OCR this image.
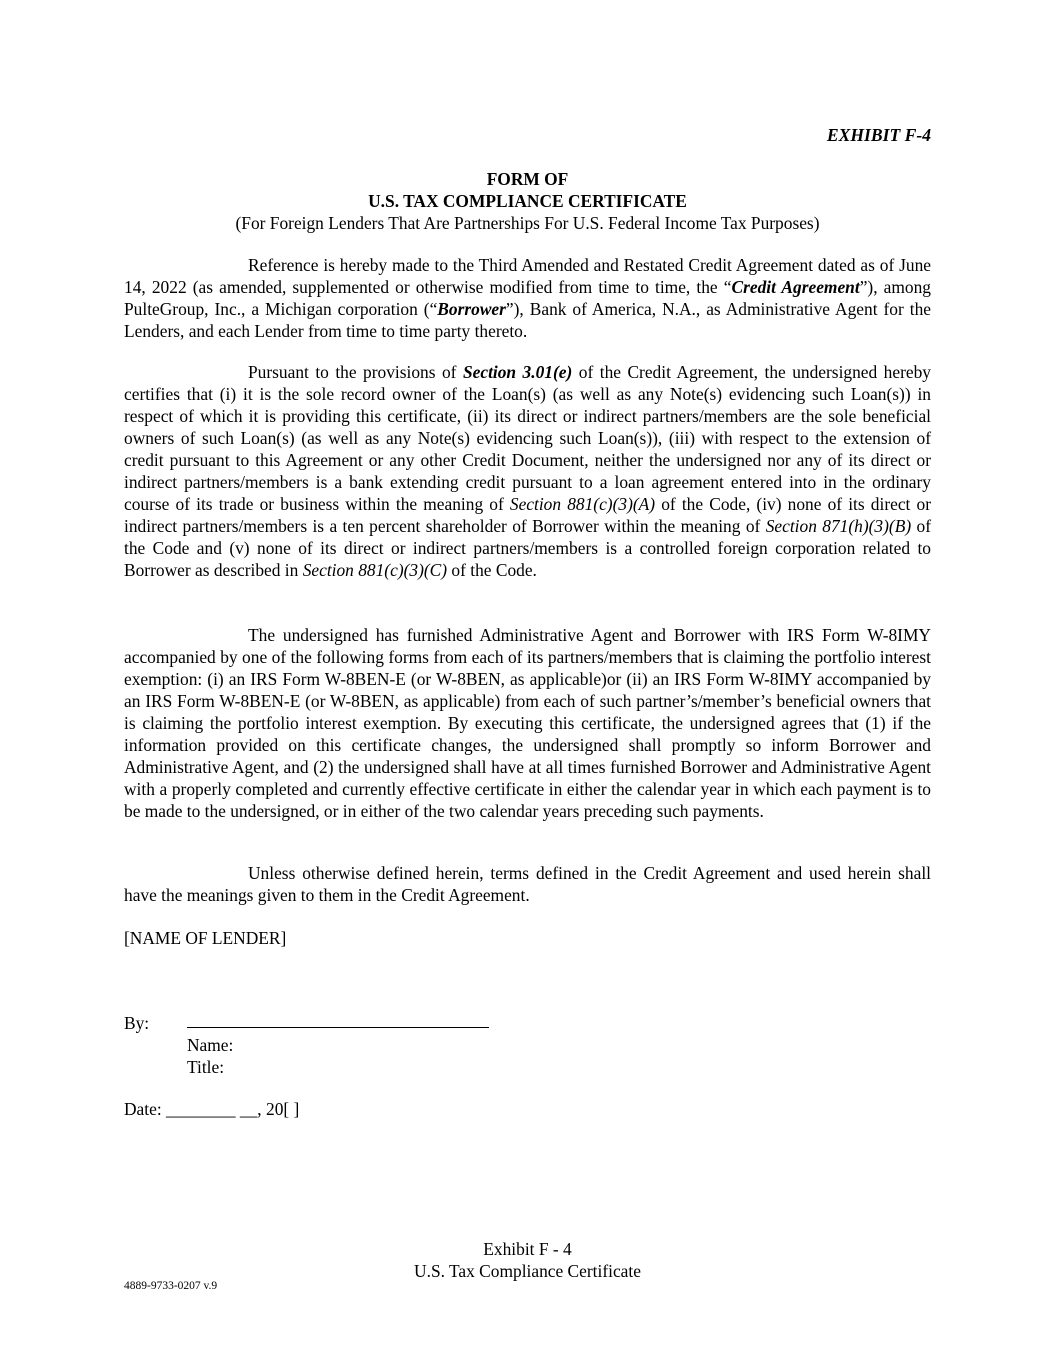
EXHIBIT F-4
FORM OF
U.S. TAX COMPLIANCE CERTIFICATE
(For Foreign Lenders That Are Partnerships For U.S. Federal Income Tax Purposes)

Reference is hereby made to the Third Amended and Restated Credit Agreement dated as of June 14, 2022 (as amended, supplemented or otherwise modified from time to time, the “Credit Agreement”), among PulteGroup, Inc., a Michigan corporation (“Borrower”), Bank of America, N.A., as Administrative Agent for the Lenders, and each Lender from time to time party thereto.

Pursuant to the provisions of Section 3.01(e) of the Credit Agreement, the undersigned hereby certifies that (i) it is the sole record owner of the Loan(s) (as well as any Note(s) evidencing such Loan(s)) in respect of which it is providing this certificate, (ii) its direct or indirect partners/members are the sole beneficial owners of such Loan(s) (as well as any Note(s) evidencing such Loan(s)), (iii) with respect to the extension of credit pursuant to this Agreement or any other Credit Document, neither the undersigned nor any of its direct or indirect partners/members is a bank extending credit pursuant to a loan agreement entered into in the ordinary course of its trade or business within the meaning of Section 881(c)(3)(A) of the Code, (iv) none of its direct or indirect partners/members is a ten percent shareholder of Borrower within the meaning of Section 871(h)(3)(B) of the Code and (v) none of its direct or indirect partners/members is a controlled foreign corporation related to Borrower as described in Section 881(c)(3)(C) of the Code.

The undersigned has furnished Administrative Agent and Borrower with IRS Form W-8IMY accompanied by one of the following forms from each of its partners/members that is claiming the portfolio interest exemption: (i) an IRS Form W-8BEN-E (or W-8BEN, as applicable)or (ii) an IRS Form W-8IMY accompanied by an IRS Form W-8BEN-E (or W-8BEN, as applicable) from each of such partner’s/member’s beneficial owners that is claiming the portfolio interest exemption. By executing this certificate, the undersigned agrees that (1) if the information provided on this certificate changes, the undersigned shall promptly so inform Borrower and Administrative Agent, and (2) the undersigned shall have at all times furnished Borrower and Administrative Agent with a properly completed and currently effective certificate in either the calendar year in which each payment is to be made to the undersigned, or in either of the two calendar years preceding such payments.

Unless otherwise defined herein, terms defined in the Credit Agreement and used herein shall have the meanings given to them in the Credit Agreement.

[NAME OF LENDER]

By:

Name:

Title:

Date: ________ __, 20[ ]

Exhibit F - 4
U.S. Tax Compliance Certificate
4889-9733-0207 v.9
